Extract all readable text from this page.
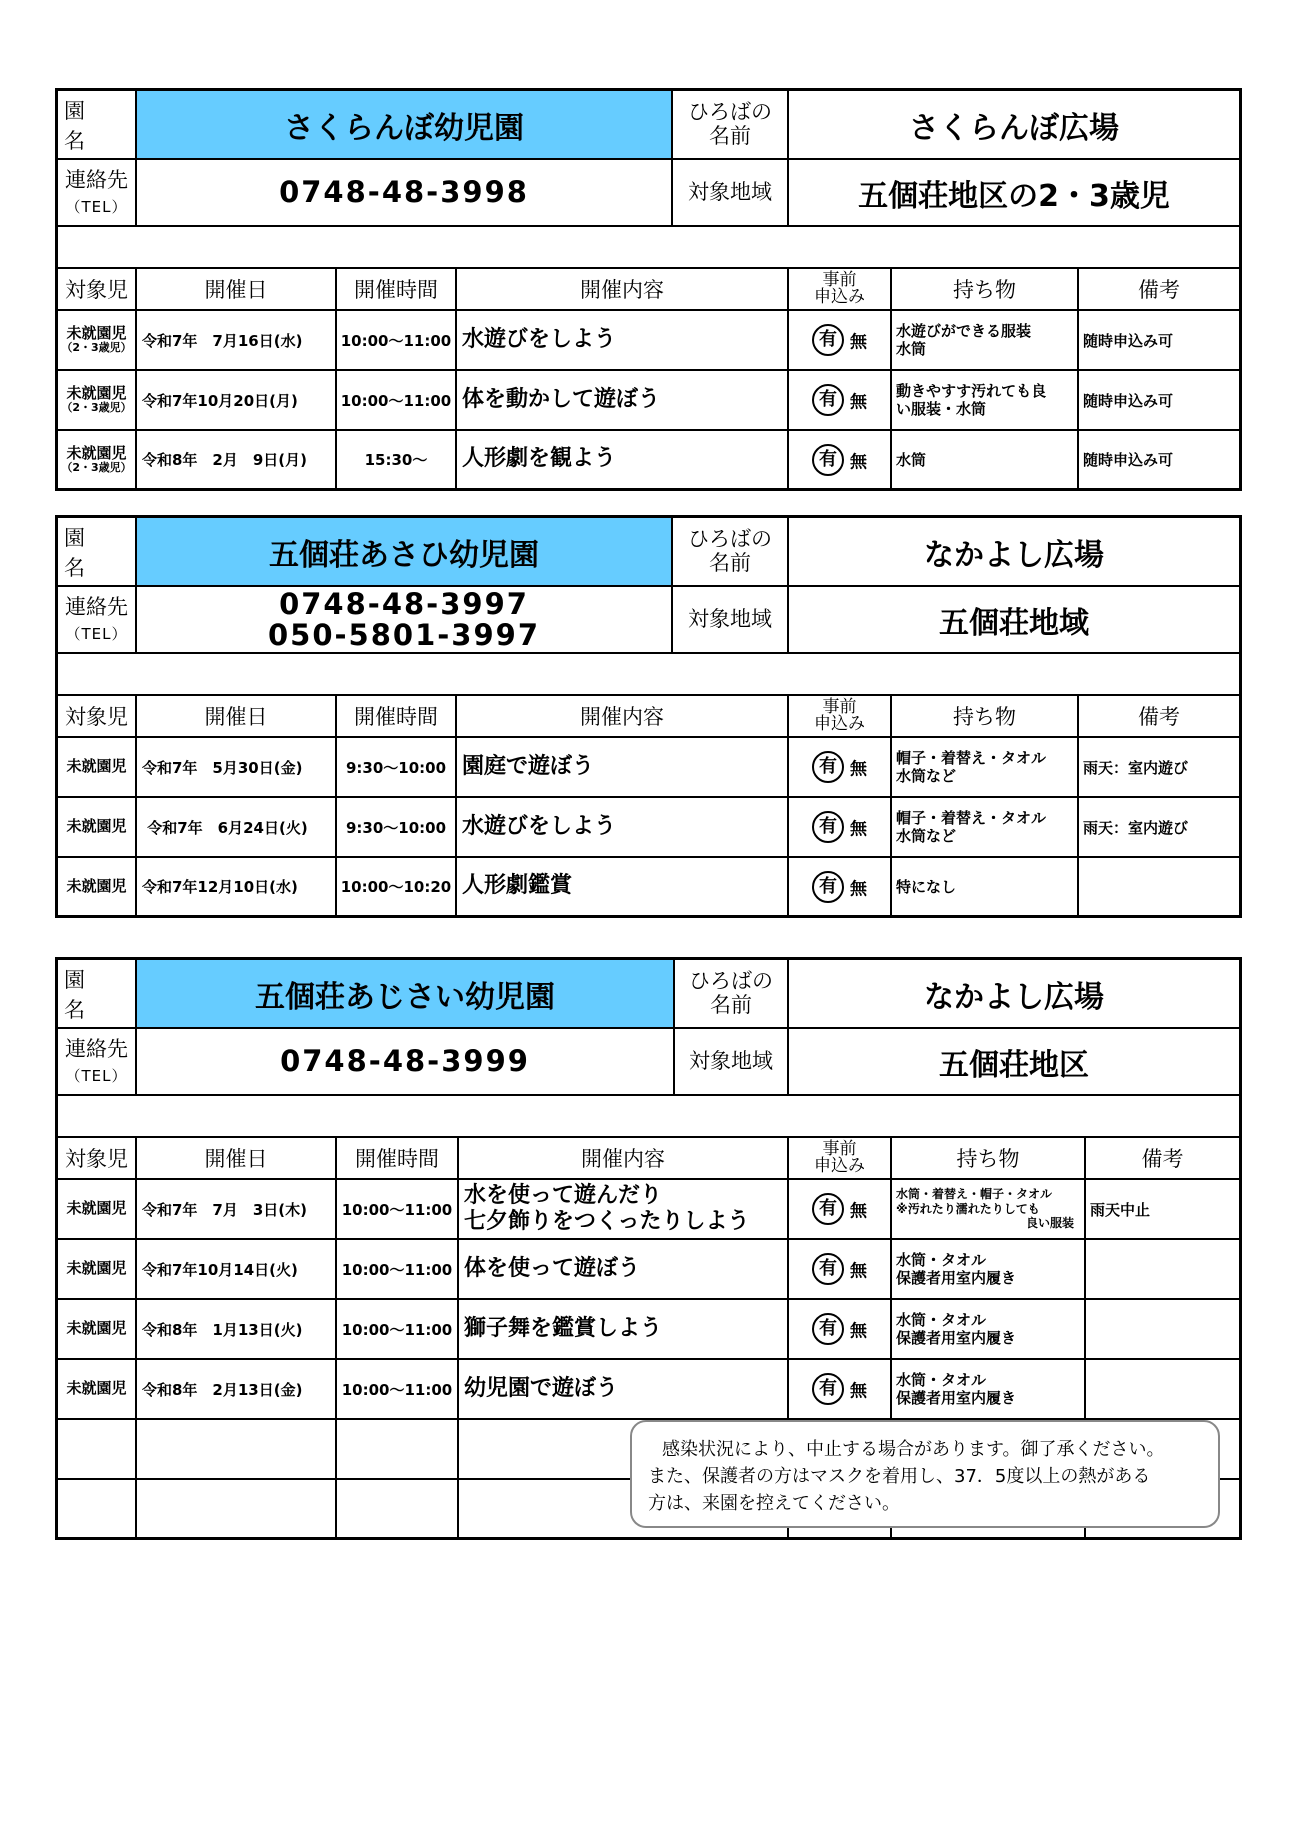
園　名	さくらんぼ幼児園			ひろばの
名前	さくらんぼ広場		
連絡先
（TEL）	0748-48-3998			対象地域	五個荘地区の2・3歳児		

対象児	開催日	開催時間	開催内容		事前
申込み	持ち物	備考
未就園児
（2・3歳児）	令和7年　7月16日(水)	10:00～11:00	水遊びをしよう		有 無	水遊びができる服装
水筒	随時申込み可
未就園児
（2・3歳児）	令和7年10月20日(月)	10:00～11:00	体を動かして遊ぼう		有 無	動きやすす汚れても良
い服装・水筒	随時申込み可
未就園児
（2・3歳児）	令和8年　2月　9日(月)	15:30～	人形劇を観よう		有 無	水筒	随時申込み可
園　名	五個荘あさひ幼児園			ひろばの
名前	なかよし広場		
連絡先
（TEL）	0748-48-3997
050-5801-3997			対象地域	五個荘地域		

対象児	開催日	開催時間	開催内容		事前
申込み	持ち物	備考
未就園児	令和7年　5月30日(金)	9:30～10:00	園庭で遊ぼう		有 無	帽子・着替え・タオル
水筒など	雨天：室内遊び
未就園児	令和7年　6月24日(火)	9:30～10:00	水遊びをしよう		有 無	帽子・着替え・タオル
水筒など	雨天：室内遊び
未就園児	令和7年12月10日(水)	10:00～10:20	人形劇鑑賞		有 無	特になし	
園　名	五個荘あじさい幼児園			ひろばの
名前	なかよし広場		
連絡先
（TEL）	0748-48-3999			対象地域	五個荘地区		

対象児	開催日	開催時間	開催内容		事前
申込み	持ち物	備考
未就園児	令和7年　7月　3日(木)	10:00～11:00	水を使って遊んだり
七夕飾りをつくったりしよう		有 無	水筒・着替え・帽子・タオル
※汚れたり濡れたりしても
良い服装	雨天中止
未就園児	令和7年10月14日(火)	10:00～11:00	体を使って遊ぼう		有 無	水筒・タオル
保護者用室内履き	
未就園児	令和8年　1月13日(火)	10:00～11:00	獅子舞を鑑賞しよう		有 無	水筒・タオル
保護者用室内履き	
未就園児	令和8年　2月13日(金)	10:00～11:00	幼児園で遊ぼう		有 無	水筒・タオル
保護者用室内履き	

感染状況により、中止する場合があります。御了承ください。
また、保護者の方はマスクを着用し、37．5度以上の熱がある
方は、来園を控えてください。
